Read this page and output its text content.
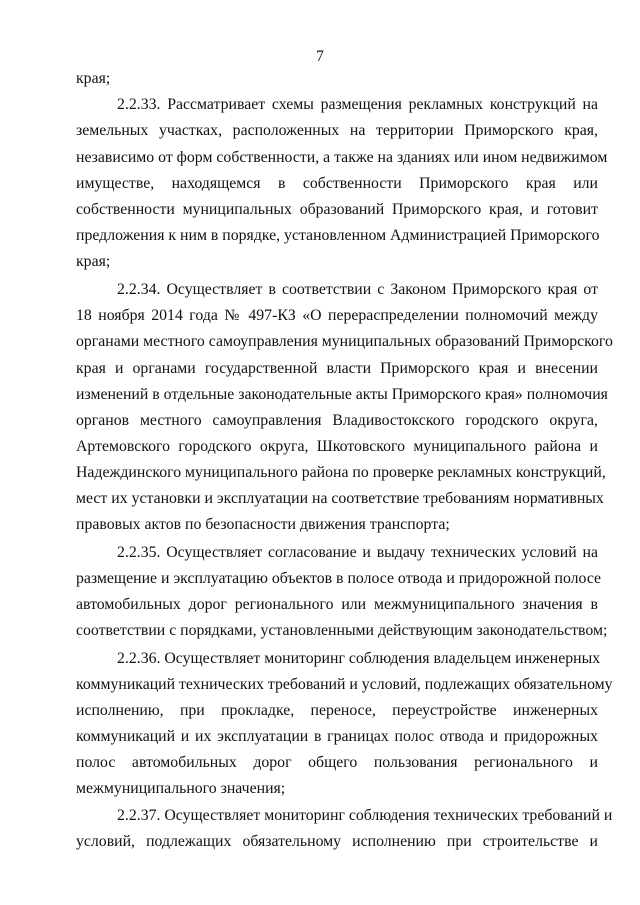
7
края;
2.2.33. Рассматривает схемы размещения рекламных конструкций на
земельных участках, расположенных на территории Приморского края,
независимо от форм собственности, а также на зданиях или ином недвижимом
имуществе, находящемся в собственности Приморского края или
собственности муниципальных образований Приморского края, и готовит
предложения к ним в порядке, установленном Администрацией Приморского
края;
2.2.34. Осуществляет в соответствии с Законом Приморского края от
18 ноября 2014 года № 497-КЗ «О перераспределении полномочий между
органами местного самоуправления муниципальных образований Приморского
края и органами государственной власти Приморского края и внесении
изменений в отдельные законодательные акты Приморского края» полномочия
органов местного самоуправления Владивостокского городского округа,
Артемовского городского округа, Шкотовского муниципального района и
Надеждинского муниципального района по проверке рекламных конструкций,
мест их установки и эксплуатации на соответствие требованиям нормативных
правовых актов по безопасности движения транспорта;
2.2.35. Осуществляет согласование и выдачу технических условий на
размещение и эксплуатацию объектов в полосе отвода и придорожной полосе
автомобильных дорог регионального или межмуниципального значения в
соответствии с порядками, установленными действующим законодательством;
2.2.36. Осуществляет мониторинг соблюдения владельцем инженерных
коммуникаций технических требований и условий, подлежащих обязательному
исполнению, при прокладке, переносе, переустройстве инженерных
коммуникаций и их эксплуатации в границах полос отвода и придорожных
полос автомобильных дорог общего пользования регионального и
межмуниципального значения;
2.2.37. Осуществляет мониторинг соблюдения технических требований и
условий, подлежащих обязательному исполнению при строительстве и
